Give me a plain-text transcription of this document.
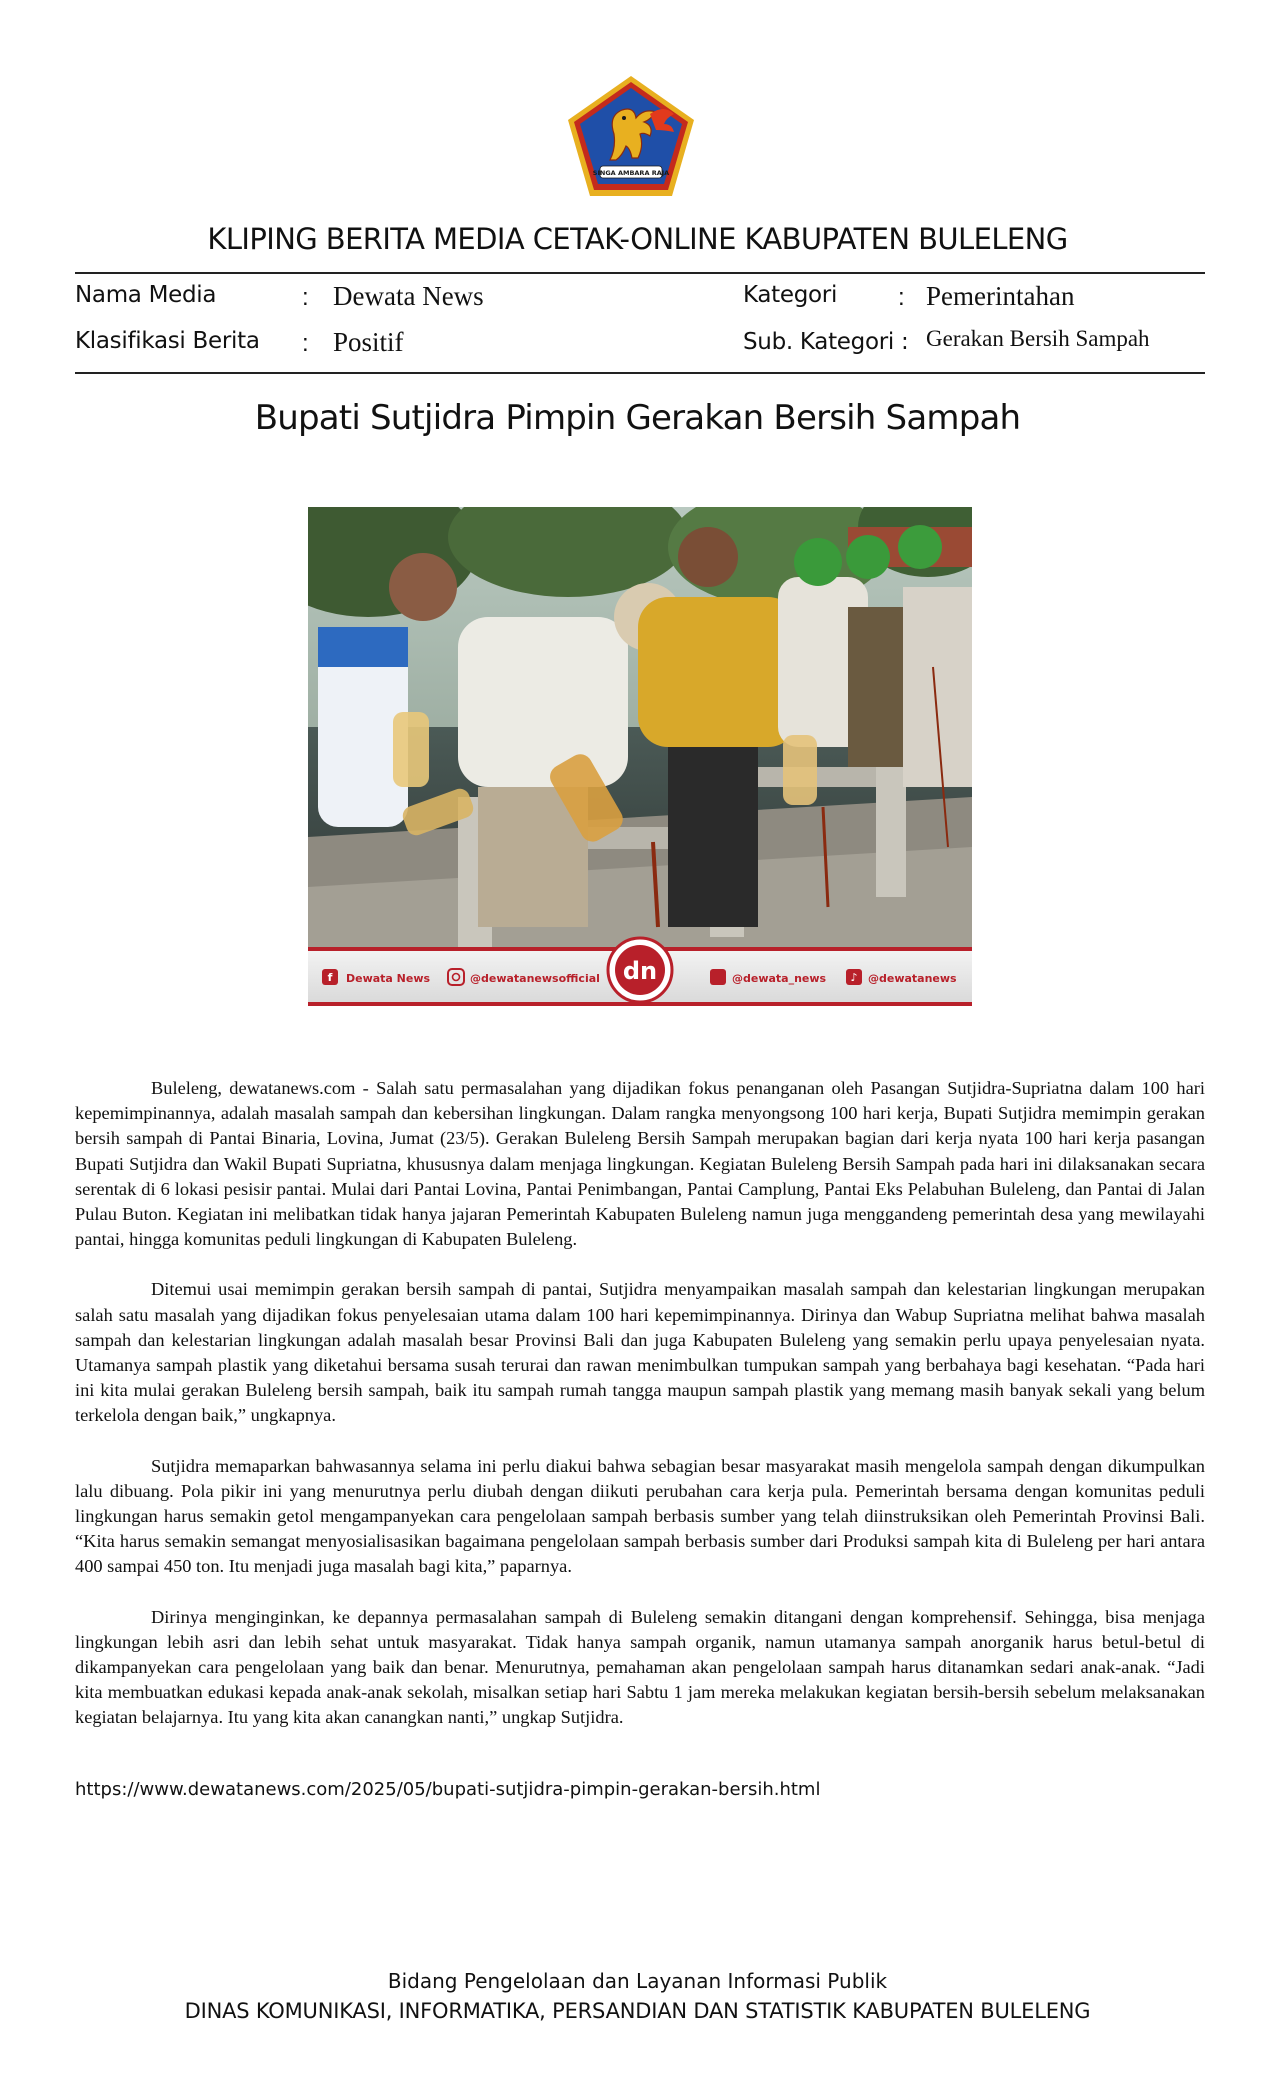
SINGA AMBARA RAJA
KLIPING BERITA MEDIA CETAK-ONLINE KABUPATEN BULELENG
Nama Media	: Dewata News
Klasifikasi Berita : Positif
Kategori	: Pemerintahan
Sub. Kategori : Gerakan Bersih Sampah
Bupati Sutjidra Pimpin Gerakan Bersih Sampah
f Dewata News	@dewatanewsofficial dn	@dewata_news ♪ @dewatanews

Buleleng, dewatanews.com - Salah satu permasalahan yang dijadikan fokus penanganan oleh Pasangan Sutjidra-Supriatna dalam 100 hari kepemimpinannya, adalah masalah sampah dan kebersihan lingkungan. Dalam rangka menyongsong 100 hari kerja, Bupati Sutjidra memimpin gerakan bersih sampah di Pantai Binaria, Lovina, Jumat (23/5). Gerakan Buleleng Bersih Sampah merupakan bagian dari kerja nyata 100 hari kerja pasangan Bupati Sutjidra dan Wakil Bupati Supriatna, khususnya dalam menjaga lingkungan. Kegiatan Buleleng Bersih Sampah pada hari ini dilaksanakan secara serentak di 6 lokasi pesisir pantai. Mulai dari Pantai Lovina, Pantai Penimbangan, Pantai Camplung, Pantai Eks Pelabuhan Buleleng, dan Pantai di Jalan Pulau Buton. Kegiatan ini melibatkan tidak hanya jajaran Pemerintah Kabupaten Buleleng namun juga menggandeng pemerintah desa yang mewilayahi pantai, hingga komunitas peduli lingkungan di Kabupaten Buleleng.

Ditemui usai memimpin gerakan bersih sampah di pantai, Sutjidra menyampaikan masalah sampah dan kelestarian lingkungan merupakan salah satu masalah yang dijadikan fokus penyelesaian utama dalam 100 hari kepemimpinannya. Dirinya dan Wabup Supriatna melihat bahwa masalah sampah dan kelestarian lingkungan adalah masalah besar Provinsi Bali dan juga Kabupaten Buleleng yang semakin perlu upaya penyelesaian nyata. Utamanya sampah plastik yang diketahui bersama susah terurai dan rawan menimbulkan tumpukan sampah yang berbahaya bagi kesehatan. “Pada hari ini kita mulai gerakan Buleleng bersih sampah, baik itu sampah rumah tangga maupun sampah plastik yang memang masih banyak sekali yang belum terkelola dengan baik,” ungkapnya.

Sutjidra memaparkan bahwasannya selama ini perlu diakui bahwa sebagian besar masyarakat masih mengelola sampah dengan dikumpulkan lalu dibuang. Pola pikir ini yang menurutnya perlu diubah dengan diikuti perubahan cara kerja pula. Pemerintah bersama dengan komunitas peduli lingkungan harus semakin getol mengampanyekan cara pengelolaan sampah berbasis sumber yang telah diinstruksikan oleh Pemerintah Provinsi Bali. “Kita harus semakin semangat menyosialisasikan bagaimana pengelolaan sampah berbasis sumber dari Produksi sampah kita di Buleleng per hari antara 400 sampai 450 ton. Itu menjadi juga masalah bagi kita,” paparnya.

Dirinya menginginkan, ke depannya permasalahan sampah di Buleleng semakin ditangani dengan komprehensif. Sehingga, bisa menjaga lingkungan lebih asri dan lebih sehat untuk masyarakat. Tidak hanya sampah organik, namun utamanya sampah anorganik harus betul-betul di dikampanyekan cara pengelolaan yang baik dan benar. Menurutnya, pemahaman akan pengelolaan sampah harus ditanamkan sedari anak-anak. “Jadi kita membuatkan edukasi kepada anak-anak sekolah, misalkan setiap hari Sabtu 1 jam mereka melakukan kegiatan bersih-bersih sebelum melaksanakan kegiatan belajarnya. Itu yang kita akan canangkan nanti,” ungkap Sutjidra.

https://www.dewatanews.com/2025/05/bupati-sutjidra-pimpin-gerakan-bersih.html
Bidang Pengelolaan dan Layanan Informasi Publik
DINAS KOMUNIKASI, INFORMATIKA, PERSANDIAN DAN STATISTIK KABUPATEN BULELENG
